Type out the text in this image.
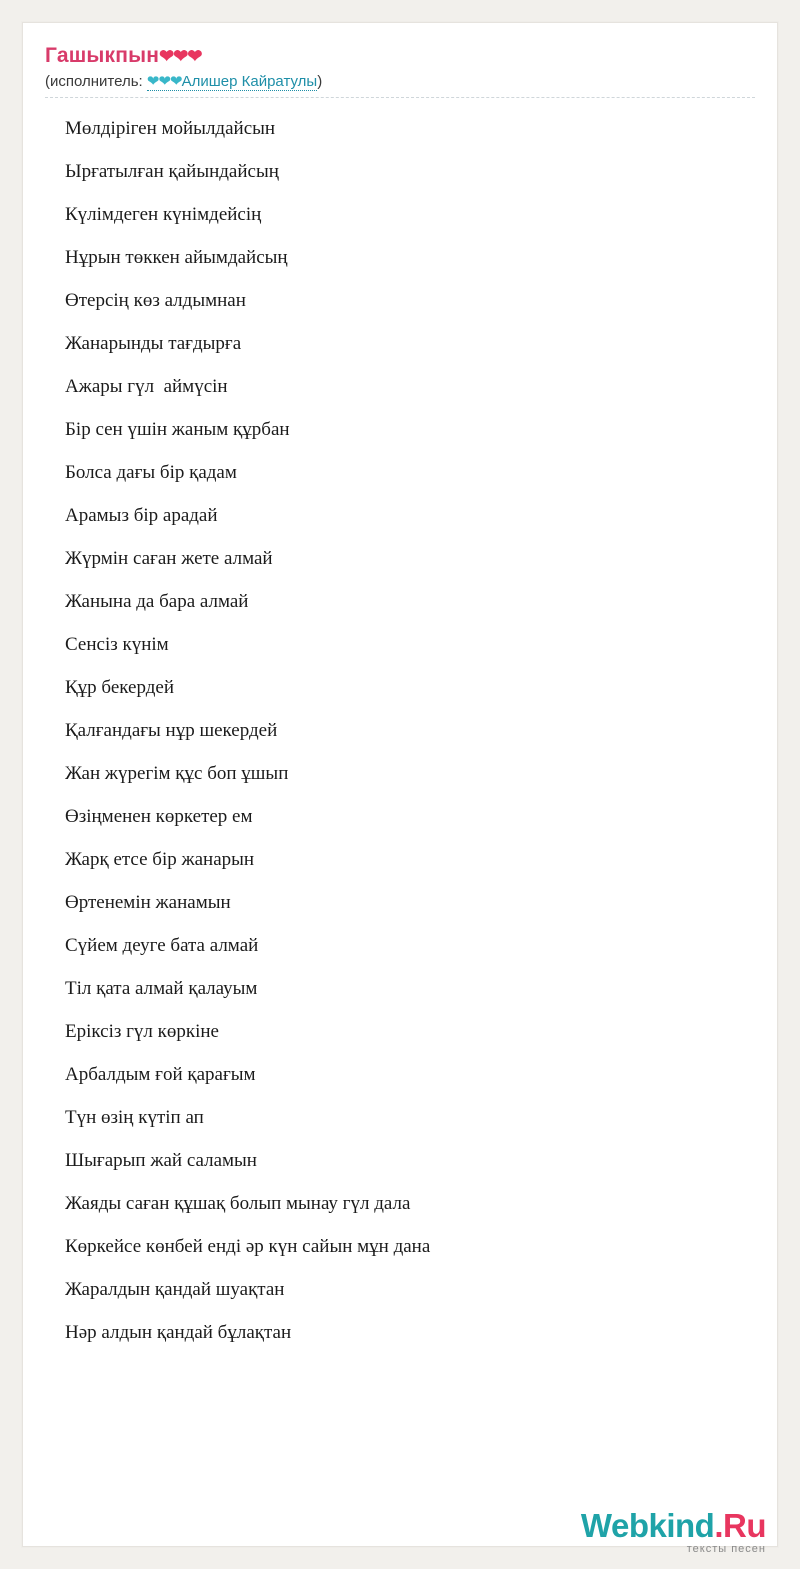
Гашыкпын❤❤❤
(исполнитель: ❤❤❤Алишер Кайратулы)
Мөлдіріген мойылдайсын
Ырғатылған қайындайсың
Күлімдеген күнімдейсің
Нұрын төккен айымдайсың
Өтерсің көз алдымнан
Жанарынды тағдырға
Ажары гүл  аймүсін
Бір сен үшін жаным құрбан
Болса дағы бір қадам
Арамыз бір арадай
Жүрмін саған жете алмай
Жанына да бара алмай
Сенсіз күнім
Құр бекердей
Қалғандағы нұр шекердей
Жан жүрегім құс боп ұшып
Өзіңменен көркетер ем
Жарқ етсе бір жанарын
Өртенемін жанамын
Сүйем деуге бата алмай
Тіл қата алмай қалауым
Еріксіз гүл көркіне
Арбалдым ғой қарағым
Түн өзің күтіп ап
Шығарып жай саламын
Жаяды саған құшақ болып мынау гүл дала
Көркейсе көнбей енді әр күн сайын мұн дана
Жаралдын қандай шуақтан
Нәр алдын қандай бұлақтан
Webkind.Ru
тексты песен
